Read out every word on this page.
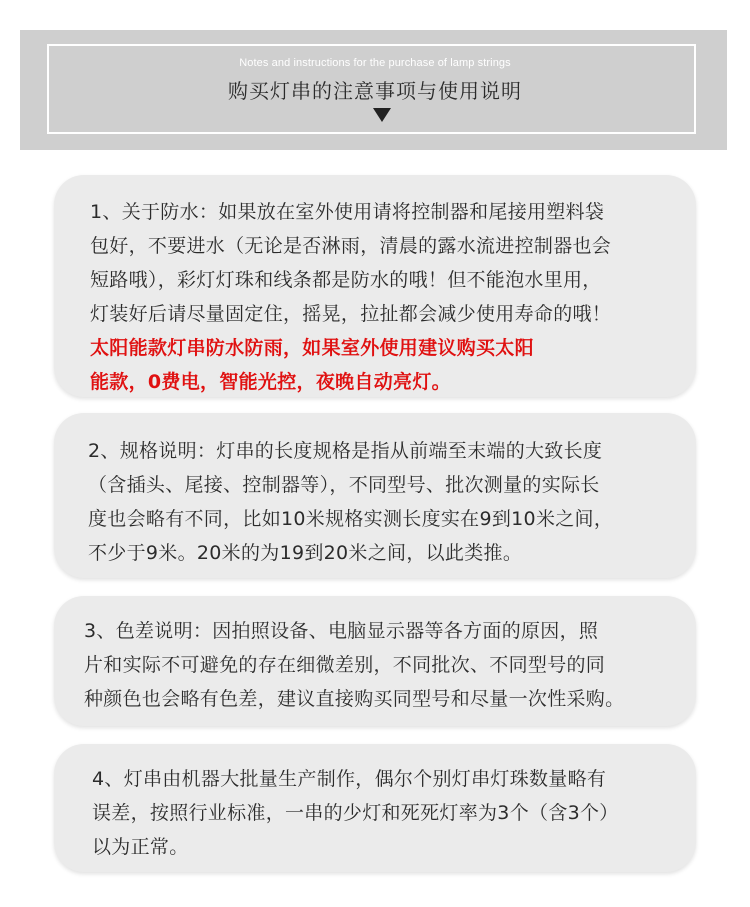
Notes and instructions for the purchase of lamp strings
购买灯串的注意事项与使用说明

1、关于防水：如果放在室外使用请将控制器和尾接用塑料袋

包好，不要进水（无论是否淋雨，清晨的露水流进控制器也会

短路哦），彩灯灯珠和线条都是防水的哦！但不能泡水里用，

灯装好后请尽量固定住，摇晃，拉扯都会减少使用寿命的哦！

太阳能款灯串防水防雨，如果室外使用建议购买太阳

能款，0费电，智能光控，夜晚自动亮灯。

2、规格说明：灯串的长度规格是指从前端至末端的大致长度

（含插头、尾接、控制器等），不同型号、批次测量的实际长

度也会略有不同，比如10米规格实测长度实在9到10米之间，

不少于9米。20米的为19到20米之间，以此类推。

3、色差说明：因拍照设备、电脑显示器等各方面的原因，照

片和实际不可避免的存在细微差别，不同批次、不同型号的同

种颜色也会略有色差，建议直接购买同型号和尽量一次性采购。

4、灯串由机器大批量生产制作，偶尔个别灯串灯珠数量略有

误差，按照行业标准，一串的少灯和死死灯率为3个（含3个）

以为正常。
